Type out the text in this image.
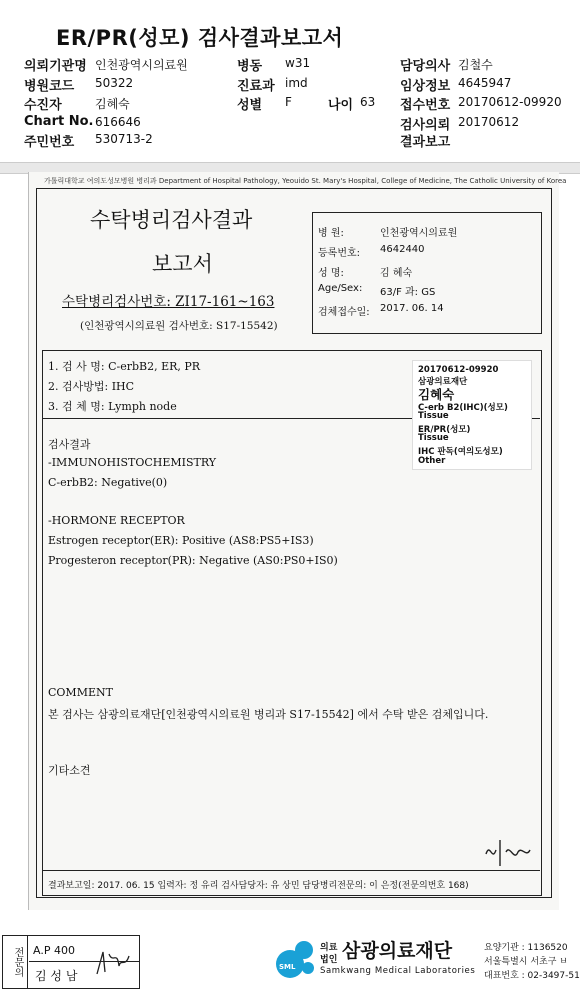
ER/PR(성모) 검사결과보고서
의뢰기관명 인천광역시의료원
병원코드 50322
수진자	김혜숙
Chart No. 616646
주민번호 530713-2
병동 w31
진료과 imd
성별 F	나이 63
담당의사 김철수
임상정보 4645947
접수번호 20170612-09920
검사의뢰 20170612
결과보고
가톨릭대학교 여의도성모병원 병리과 Department of Hospital Pathology, Yeouido St. Mary's Hospital, College of Medicine, The Catholic University of Korea
수탁병리검사결과
보고서
수탁병리검사번호: ZI17-161~163
(인천광역시의료원 검사번호: S17-15542)
병 원:	인천광역시의료원
등록번호: 4642440
성 명:	김 혜숙
Age/Sex: 63/F 과: GS
검체접수일: 2017. 06. 14
1. 검 사 명: C-erbB2, ER, PR
2. 검사방법: IHC
3. 검 체 명: Lymph node
20170612-09920
삼광의료재단
김혜숙
C-erb B2(IHC)(성모)
Tissue
ER/PR(성모)
Tissue
IHC 판독(여의도성모)
Other
검사결과
-IMMUNOHISTOCHEMISTRY
C-erbB2: Negative(0)
-HORMONE RECEPTOR
Estrogen receptor(ER): Positive (AS8:PS5+IS3)
Progesteron receptor(PR): Negative (AS0:PS0+IS0)
COMMENT
본 검사는 삼광의료재단[인천광역시의료원 병리과 S17-15542] 에서 수탁 받은 검체입니다.
기타소견
결과보고일: 2017. 06. 15 입력자: 정 유리 검사담당자: 유 상민 담당병리전문의: 이 은정(전문의번호 168)
전문의 A.P 400
김 성 남
SML
의료
법인 삼광의료재단
Samkwang Medical Laboratories
요양기관 : 1136520
서울특별시 서초구 ㅂ
대표번호 : 02-3497-51
